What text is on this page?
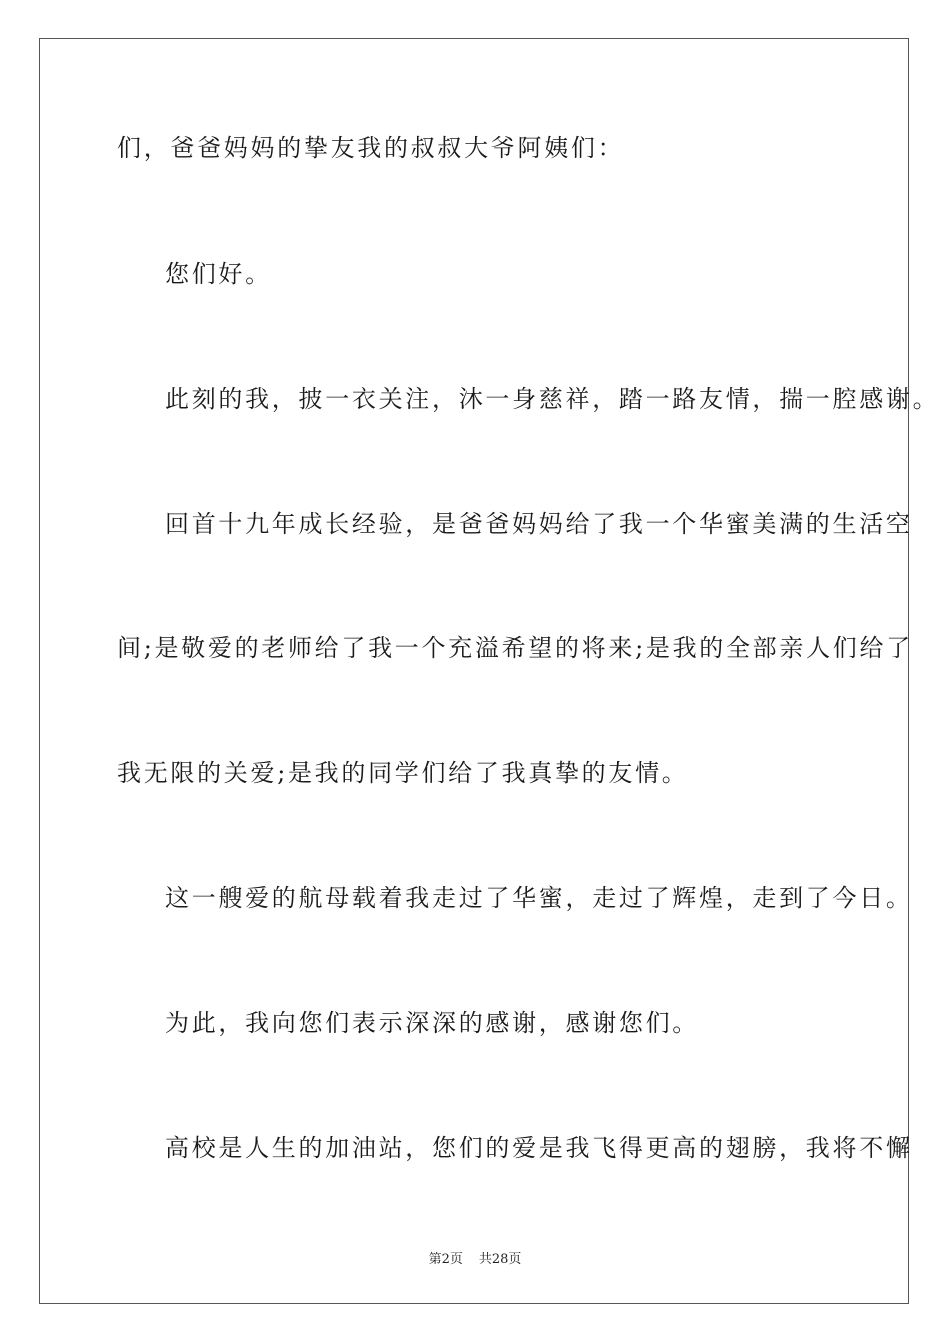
们，爸爸妈妈的挚友我的叔叔大爷阿姨们：
您们好。
此刻的我，披一衣关注，沐一身慈祥，踏一路友情，揣一腔感谢。
回首十九年成长经验，是爸爸妈妈给了我一个华蜜美满的生活空
间;是敬爱的老师给了我一个充溢希望的将来;是我的全部亲人们给了
我无限的关爱;是我的同学们给了我真挚的友情。
这一艘爱的航母载着我走过了华蜜，走过了辉煌，走到了今日。
为此，我向您们表示深深的感谢，感谢您们。
高校是人生的加油站，您们的爱是我飞得更高的翅膀，我将不懈
第2页 共28页
